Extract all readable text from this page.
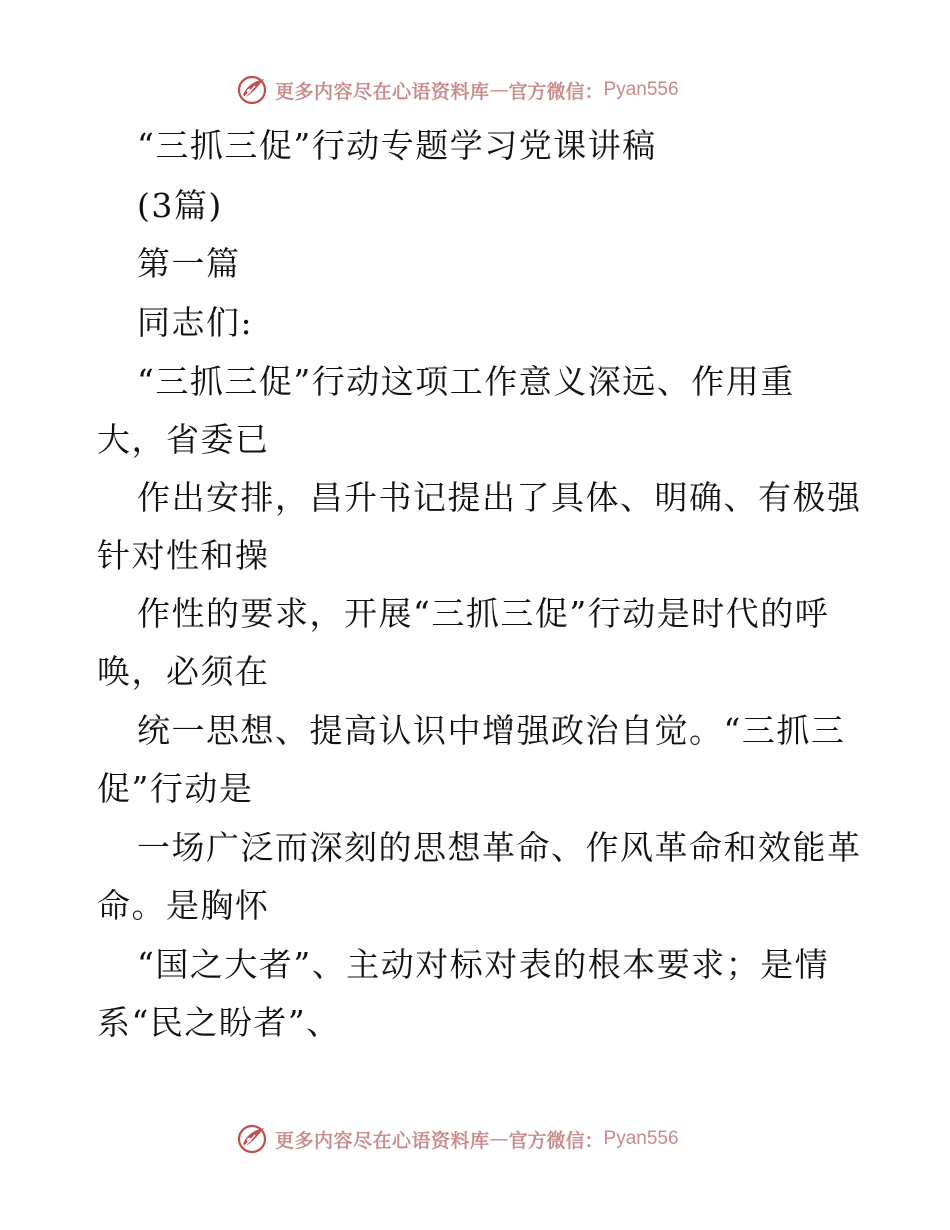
更多内容尽在心语资料库 — 官方微信： Pyan556
“三抓三促”行动专题学习党课讲稿
(3篇)
第一篇
同志们:
“三抓三促”行动这项工作意义深远、作用重
大，省委已
作出安排，昌升书记提出了具体、明确、有极强
针对性和操
作性的要求，开展“三抓三促”行动是时代的呼
唤，必须在
统一思想、提高认识中增强政治自觉。“三抓三
促”行动是
一场广泛而深刻的思想革命、作风革命和效能革
命。是胸怀
“国之大者”、主动对标对表的根本要求；是情
系“民之盼者”、
更多内容尽在心语资料库 — 官方微信： Pyan556
